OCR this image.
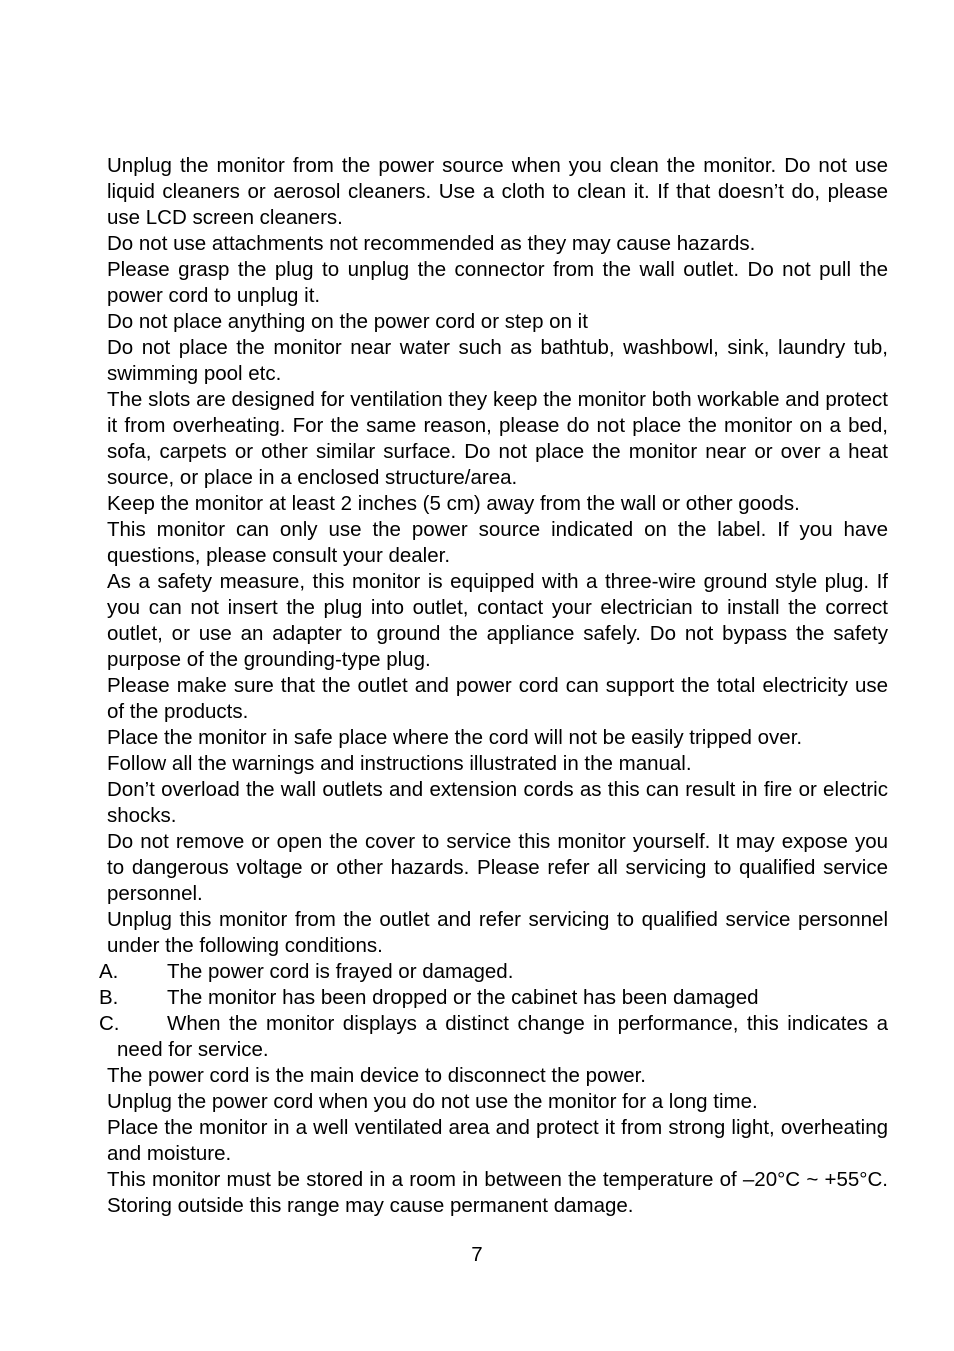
Unplug the monitor from the power source when you clean the monitor. Do not use liquid cleaners or aerosol cleaners. Use a cloth to clean it. If that doesn’t do, please use LCD screen cleaners.

Do not use attachments not recommended as they may cause hazards.

Please grasp the plug to unplug the connector from the wall outlet. Do not pull the power cord to unplug it.

Do not place anything on the power cord or step on it

Do not place the monitor near water such as bathtub, washbowl, sink, laundry tub, swimming pool etc.

The slots are designed for ventilation they keep the monitor both workable and protect it from overheating. For the same reason, please do not place the monitor on a bed, sofa, carpets or other similar surface. Do not place the monitor near or over a heat source, or place in a enclosed structure/area.

Keep the monitor at least 2 inches (5 cm) away from the wall or other goods.

This monitor can only use the power source indicated on the label. If you have questions, please consult your dealer.

As a safety measure, this monitor is equipped with a three-wire ground style plug. If you can not insert the plug into outlet, contact your electrician to install the correct outlet, or use an adapter to ground the appliance safely. Do not bypass the safety purpose of the grounding-type plug.

Please make sure that the outlet and power cord can support the total electricity use of the products.

Place the monitor in safe place where the cord will not be easily tripped over.

Follow all the warnings and instructions illustrated in the manual.

Don’t overload the wall outlets and extension cords as this can result in fire or electric shocks.

Do not remove or open the cover to service this monitor yourself. It may expose you to dangerous voltage or other hazards. Please refer all servicing to qualified service personnel.

Unplug this monitor from the outlet and refer servicing to qualified service personnel under the following conditions.

A. The power cord is frayed or damaged.

B. The monitor has been dropped or the cabinet has been damaged

C. When the monitor displays a distinct change in performance, this indicates a need for service.

The power cord is the main device to disconnect the power.

Unplug the power cord when you do not use the monitor for a long time.

Place the monitor in a well ventilated area and protect it from strong light, overheating and moisture.

This monitor must be stored in a room in between the temperature of –20°C ~ +55°C. Storing outside this range may cause permanent damage.

7
